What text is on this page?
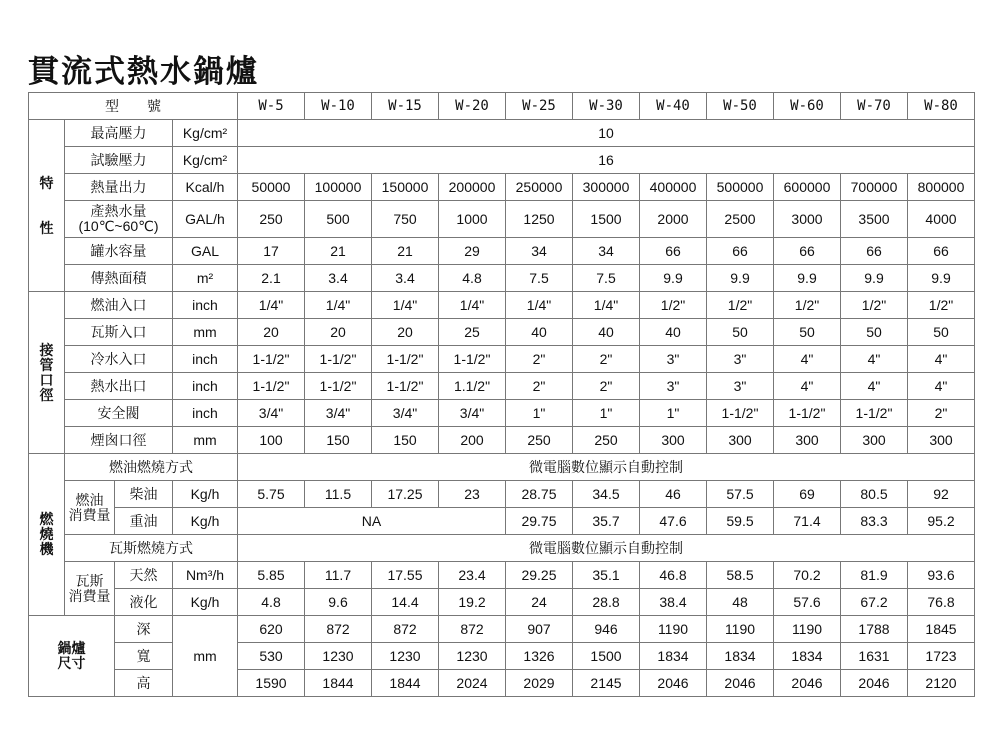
貫流式熱水鍋爐
型　　號				W-5	W-10	W-15	W-20	W-25	W-30	W-40	W-50	W-60	W-70	W-80
特

性	最高壓力		Kg/cm²	10										
	試驗壓力		Kg/cm²	16										
	熱量出力		Kcal/h	50000	100000	150000	200000	250000	300000	400000	500000	600000	700000	800000
	產熱水量
(10℃~60℃)		GAL/h	250	500	750	1000	1250	1500	2000	2500	3000	3500	4000
	罐水容量		GAL	17	21	21	29	34	34	66	66	66	66	66
	傳熱面積		m²	2.1	3.4	3.4	4.8	7.5	7.5	9.9	9.9	9.9	9.9	9.9
接
管
口
徑	燃油入口		inch	1/4"	1/4"	1/4"	1/4"	1/4"	1/4"	1/2"	1/2"	1/2"	1/2"	1/2"
	瓦斯入口		mm	20	20	20	25	40	40	40	50	50	50	50
	冷水入口		inch	1-1/2"	1-1/2"	1-1/2"	1-1/2"	2"	2"	3"	3"	4"	4"	4"
	熱水出口		inch	1-1/2"	1-1/2"	1-1/2"	1.1/2"	2"	2"	3"	3"	4"	4"	4"
	安全閥		inch	3/4"	3/4"	3/4"	3/4"	1"	1"	1"	1-1/2"	1-1/2"	1-1/2"	2"
	煙囪口徑		mm	100	150	150	200	250	250	300	300	300	300	300
燃
燒
機	燃油燃燒方式			微電腦數位顯示自動控制										
	燃油
消費量	柴油	Kg/h	5.75	11.5	17.25	23	28.75	34.5	46	57.5	69	80.5	92
		重油	Kg/h	NA				29.75	35.7	47.6	59.5	71.4	83.3	95.2
	瓦斯燃燒方式			微電腦數位顯示自動控制										
	瓦斯
消費量	天然	Nm³/h	5.85	11.7	17.55	23.4	29.25	35.1	46.8	58.5	70.2	81.9	93.6
		液化	Kg/h	4.8	9.6	14.4	19.2	24	28.8	38.4	48	57.6	67.2	76.8
鍋爐
尺寸		深	mm	620	872	872	872	907	946	1190	1190	1190	1788	1845
		寬		530	1230	1230	1230	1326	1500	1834	1834	1834	1631	1723
		高		1590	1844	1844	2024	2029	2145	2046	2046	2046	2046	2120
